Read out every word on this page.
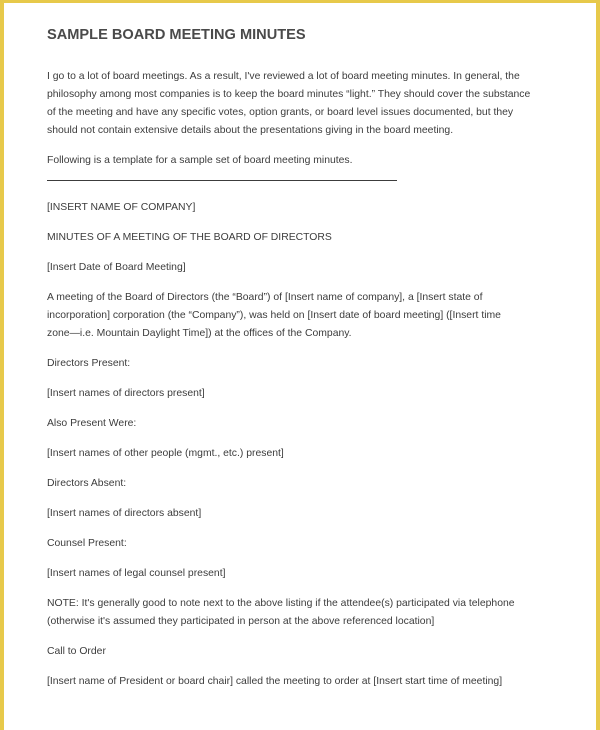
SAMPLE BOARD MEETING MINUTES

I go to a lot of board meetings. As a result, I've reviewed a lot of board meeting minutes. In general, the
philosophy among most companies is to keep the board minutes “light.” They should cover the substance
of the meeting and have any specific votes, option grants, or board level issues documented, but they
should not contain extensive details about the presentations giving in the board meeting.

Following is a template for a sample set of board meeting minutes.

[INSERT NAME OF COMPANY]

MINUTES OF A MEETING OF THE BOARD OF DIRECTORS

[Insert Date of Board Meeting]

A meeting of the Board of Directors (the “Board”) of [Insert name of company], a [Insert state of
incorporation] corporation (the “Company”), was held on [Insert date of board meeting] ([Insert time
zone—i.e. Mountain Daylight Time]) at the offices of the Company.

Directors Present:

[Insert names of directors present]

Also Present Were:

[Insert names of other people (mgmt., etc.) present]

Directors Absent:

[Insert names of directors absent]

Counsel Present:

[Insert names of legal counsel present]

NOTE: It's generally good to note next to the above listing if the attendee(s) participated via telephone
(otherwise it's assumed they participated in person at the above referenced location]

Call to Order

[Insert name of President or board chair] called the meeting to order at [Insert start time of meeting]
